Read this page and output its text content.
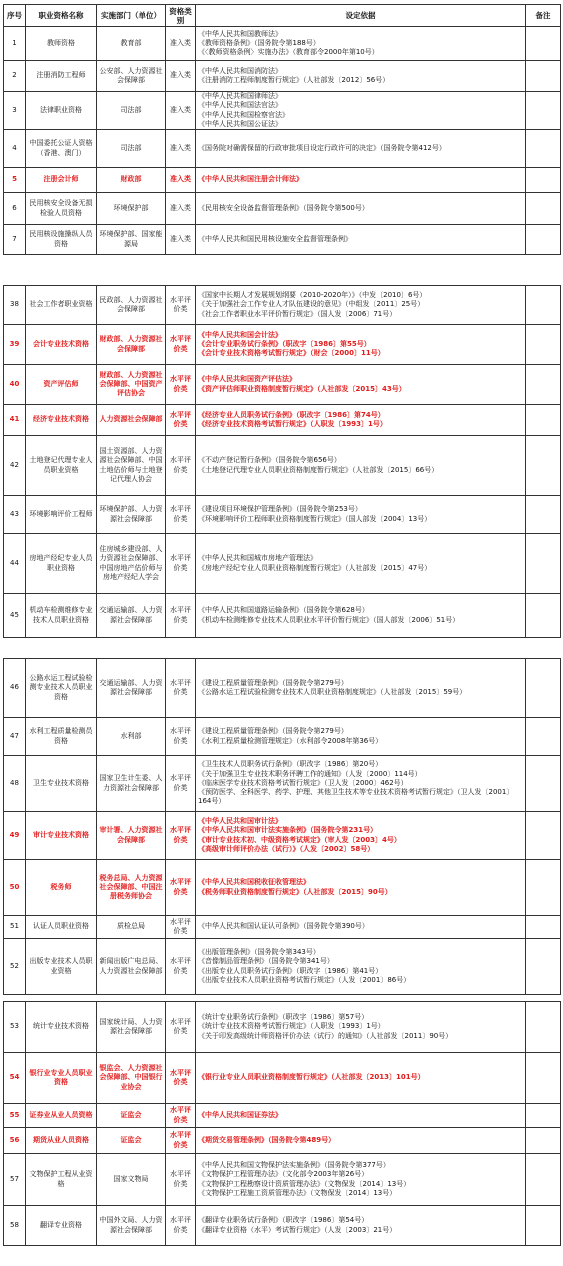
序号	职业资格名称	实施部门（单位）	资格类别	设定依据	备注
1	教师资格	教育部	准入类	《中华人民共和国教师法》
《教师资格条例》（国务院令第188号）
《〈教师资格条例〉实施办法》（教育部令2000年第10号）	
2	注册消防工程师	公安部、人力资源社会保障部	准入类	《中华人民共和国消防法》
《注册消防工程师制度暂行规定》（人社部发〔2012〕56号）	
3	法律职业资格	司法部	准入类	《中华人民共和国律师法》
《中华人民共和国法官法》
《中华人民共和国检察官法》
《中华人民共和国公证法》	
4	中国委托公证人资格（香港、澳门）	司法部	准入类	《国务院对确需保留的行政审批项目设定行政许可的决定》（国务院令第412号）	
5	注册会计师	财政部	准入类	《中华人民共和国注册会计师法》	
6	民用核安全设备无损检验人员资格	环境保护部	准入类	《民用核安全设备监督管理条例》（国务院令第500号）	
7	民用核设施操纵人员资格	环境保护部、国家能源局	准入类	《中华人民共和国民用核设施安全监督管理条例》	
38	社会工作者职业资格	民政部、人力资源社会保障部	水平评价类	《国家中长期人才发展规划纲要（2010-2020年）》（中发〔2010〕6号）
《关于加强社会工作专业人才队伍建设的意见》（中组发〔2011〕25号）
《社会工作者职业水平评价暂行规定》（国人发〔2006〕71号）	
39	会计专业技术资格	财政部、人力资源社会保障部	水平评价类	《中华人民共和国会计法》
《会计专业职务试行条例》（职改字〔1986〕第55号）
《会计专业技术资格考试暂行规定》（财会〔2000〕11号）	
40	资产评估师	财政部、人力资源社会保障部、中国资产评估协会	水平评价类	《中华人民共和国资产评估法》
《资产评估师职业资格制度暂行规定》（人社部发〔2015〕43号）	
41	经济专业技术资格	人力资源社会保障部	水平评价类	《经济专业人员职务试行条例》（职改字〔1986〕第74号）
《经济专业技术资格考试暂行规定》（人职发〔1993〕1号）	
42	土地登记代理专业人员职业资格	国土资源部、人力资源社会保障部、中国土地估价师与土地登记代理人协会	水平评价类	《不动产登记暂行条例》（国务院令第656号）
《土地登记代理专业人员职业资格制度暂行规定》（人社部发〔2015〕66号）	
43	环境影响评价工程师	环境保护部、人力资源社会保障部	水平评价类	《建设项目环境保护管理条例》（国务院令第253号）
《环境影响评价工程师职业资格制度暂行规定》（国人部发〔2004〕13号）	
44	房地产经纪专业人员职业资格	住房城乡建设部、人力资源社会保障部、中国房地产估价师与房地产经纪人学会	水平评价类	《中华人民共和国城市房地产管理法》
《房地产经纪专业人员职业资格制度暂行规定》（人社部发〔2015〕47号）	
45	机动车检测维修专业技术人员职业资格	交通运输部、人力资源社会保障部	水平评价类	《中华人民共和国道路运输条例》（国务院令第628号）
《机动车检测维修专业技术人员职业水平评价暂行规定》（国人部发〔2006〕51号）	
46	公路水运工程试验检测专业技术人员职业资格	交通运输部、人力资源社会保障部	水平评价类	《建设工程质量管理条例》（国务院令第279号）
《公路水运工程试验检测专业技术人员职业资格制度规定》（人社部发〔2015〕59号）	
47	水利工程质量检测员资格	水利部	水平评价类	《建设工程质量管理条例》（国务院令第279号）
《水利工程质量检测管理规定》（水利部令2008年第36号）	
48	卫生专业技术资格	国家卫生计生委、人力资源社会保障部	水平评价类	《卫生技术人员职务试行条例》（职改字〔1986〕第20号）
《关于加强卫生专业技术职务评聘工作的通知》（人发〔2000〕114号）
《临床医学专业技术资格考试暂行规定》（卫人发〔2000〕462号）
《预防医学、全科医学、药学、护理、其他卫生技术等专业技术资格考试暂行规定》（卫人发〔2001〕164号）	
49	审计专业技术资格	审计署、人力资源社会保障部	水平评价类	《中华人民共和国审计法》
《中华人民共和国审计法实施条例》（国务院令第231号）
《审计专业技术初、中级资格考试规定》（审人发〔2003〕4号）
《高级审计师评价办法（试行）》（人发〔2002〕58号）	
50	税务师	税务总局、人力资源社会保障部、中国注册税务师协会	水平评价类	《中华人民共和国税收征收管理法》
《税务师职业资格制度暂行规定》（人社部发〔2015〕90号）	
51	认证人员职业资格	质检总局	水平评价类	《中华人民共和国认证认可条例》（国务院令第390号）	
52	出版专业技术人员职业资格	新闻出版广电总局、人力资源社会保障部	水平评价类	《出版管理条例》（国务院令第343号）
《音像制品管理条例》（国务院令第341号）
《出版专业人员职务试行条例》（职改字〔1986〕第41号）
《出版专业技术人员职业资格考试暂行规定》（人发〔2001〕86号）	
53	统计专业技术资格	国家统计局、人力资源社会保障部	水平评价类	《统计专业职务试行条例》（职改字〔1986〕第57号）
《统计专业技术资格考试暂行规定》（人职发〔1993〕1号）
《关于印发高级统计师资格评价办法（试行）的通知》（人社部发〔2011〕90号）	
54	银行业专业人员职业资格	银监会、人力资源社会保障部、中国银行业协会	水平评价类	《银行业专业人员职业资格制度暂行规定》（人社部发〔2013〕101号）	
55	证券业从业人员资格	证监会	水平评价类	《中华人民共和国证券法》	
56	期货从业人员资格	证监会	水平评价类	《期货交易管理条例》（国务院令第489号）	
57	文物保护工程从业资格	国家文物局	水平评价类	《中华人民共和国文物保护法实施条例》（国务院令第377号）
《文物保护工程管理办法》（文化部令2003年第26号）
《文物保护工程勘察设计资质管理办法》（文物保发〔2014〕13号）
《文物保护工程施工资质管理办法》（文物保发〔2014〕13号）	
58	翻译专业资格	中国外文局、人力资源社会保障部	水平评价类	《翻译专业职务试行条例》（职改字〔1986〕第54号）
《翻译专业资格（水平）考试暂行规定》（人发〔2003〕21号）	
